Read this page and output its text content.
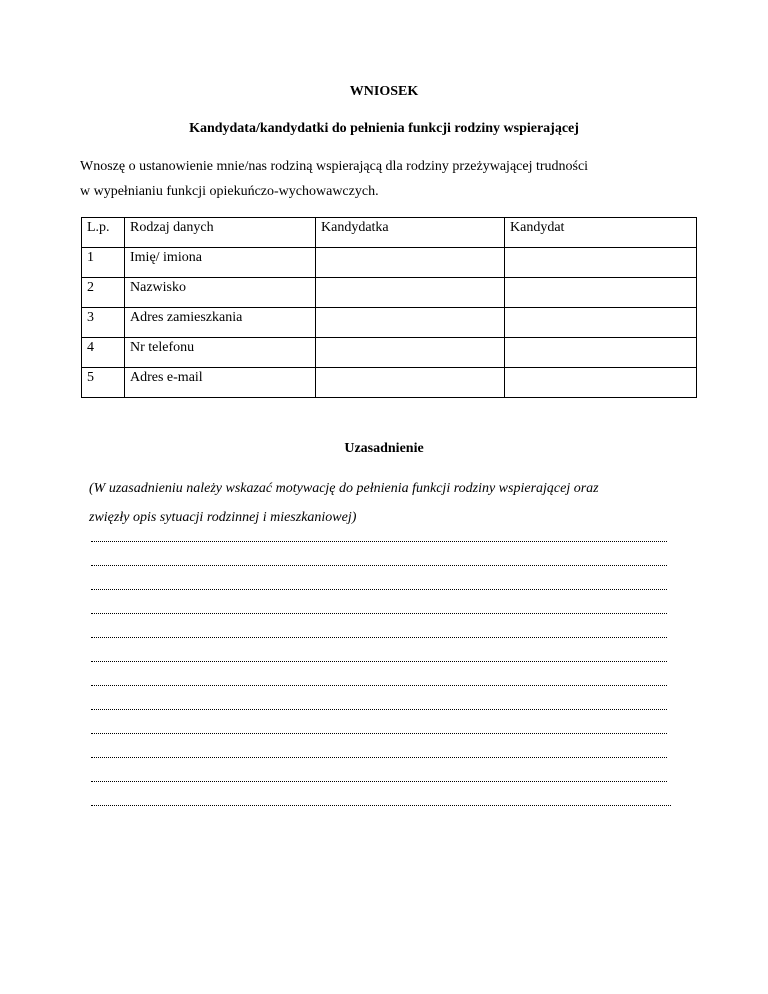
WNIOSEK
Kandydata/kandydatki do pełnienia funkcji rodziny wspierającej
Wnoszę o ustanowienie mnie/nas rodziną wspierającą dla rodziny przeżywającej trudności
w wypełnianiu funkcji opiekuńczo-wychowawczych.
L.p.	Rodzaj danych	Kandydatka	Kandydat
1	Imię/ imiona		
2	Nazwisko		
3	Adres zamieszkania		
4	Nr telefonu		
5	Adres e-mail		
Uzasadnienie
(W uzasadnieniu należy wskazać motywację do pełnienia funkcji rodziny wspierającej oraz
zwięzły opis sytuacji rodzinnej i mieszkaniowej)
